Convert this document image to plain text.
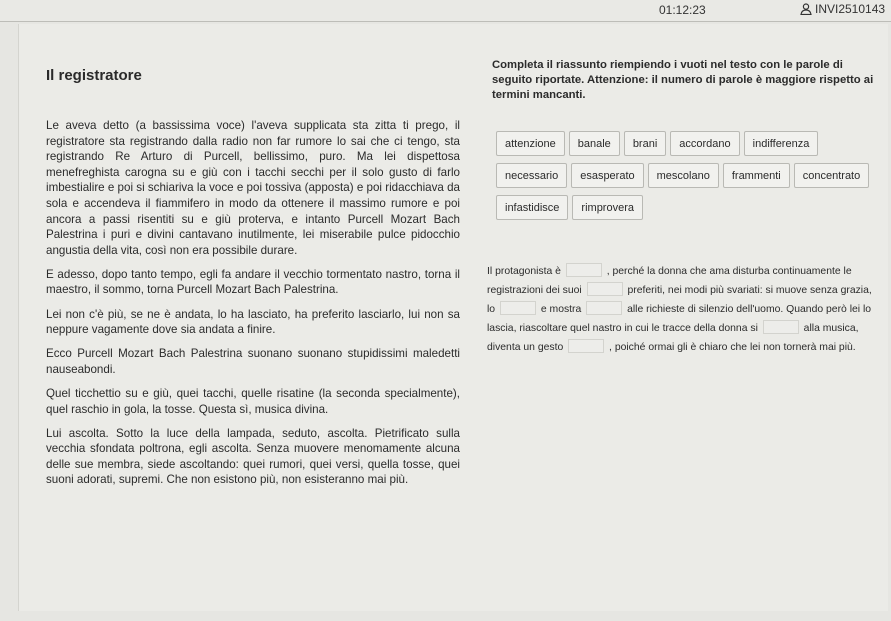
01:12:23	INVI2510143
Il registratore
Completa il riassunto riempiendo i vuoti nel testo con le parole di seguito riportate. Attenzione: il numero di parole è maggiore rispetto ai termini mancanti.

Le aveva detto (a bassissima voce) l'aveva supplicata sta zitta ti prego, il registratore sta registrando dalla radio non far rumore lo sai che ci tengo, sta registrando Re Arturo di Purcell, bellissimo, puro. Ma lei dispettosa menefreghista carogna su e giù con i tacchi secchi per il solo gusto di farlo imbestialire e poi si schiariva la voce e poi tossiva (apposta) e poi ridacchiava da sola e accendeva il fiammifero in modo da ottenere il massimo rumore e poi ancora a passi risentiti su e giù proterva, e intanto Purcell Mozart Bach Palestrina i puri e divini cantavano inutilmente, lei miserabile pulce pidocchio angustia della vita, così non era possibile durare.

E adesso, dopo tanto tempo, egli fa andare il vecchio tormentato nastro, torna il maestro, il sommo, torna Purcell Mozart Bach Palestrina.

Lei non c'è più, se ne è andata, lo ha lasciato, ha preferito lasciarlo, lui non sa neppure vagamente dove sia andata a finire.

Ecco Purcell Mozart Bach Palestrina suonano suonano stupidissimi maledetti nauseabondi.

Quel ticchettio su e giù, quei tacchi, quelle risatine (la seconda specialmente), quel raschio in gola, la tosse. Questa sì, musica divina.

Lui ascolta. Sotto la luce della lampada, seduto, ascolta. Pietrificato sulla vecchia sfondata poltrona, egli ascolta. Senza muovere menomamente alcuna delle sue membra, siede ascoltando: quei rumori, quei versi, quella tosse, quei suoni adorati, supremi. Che non esistono più, non esisteranno mai più.

attenzione	banale	brani	accordano	indifferenza
necessario	esasperato	mescolano	frammenti	concentrato
infastidisce	rimprovera
Il protagonista è	, perché la donna che ama disturba continuamente le registrazioni dei suoi	preferiti, nei modi più svariati: si muove senza grazia, lo	e mostra	alle richieste di silenzio dell'uomo. Quando però lei lo lascia, riascoltare quel nastro in cui le tracce della donna si	alla musica, diventa un gesto	, poiché ormai gli è chiaro che lei non tornerà mai più.
